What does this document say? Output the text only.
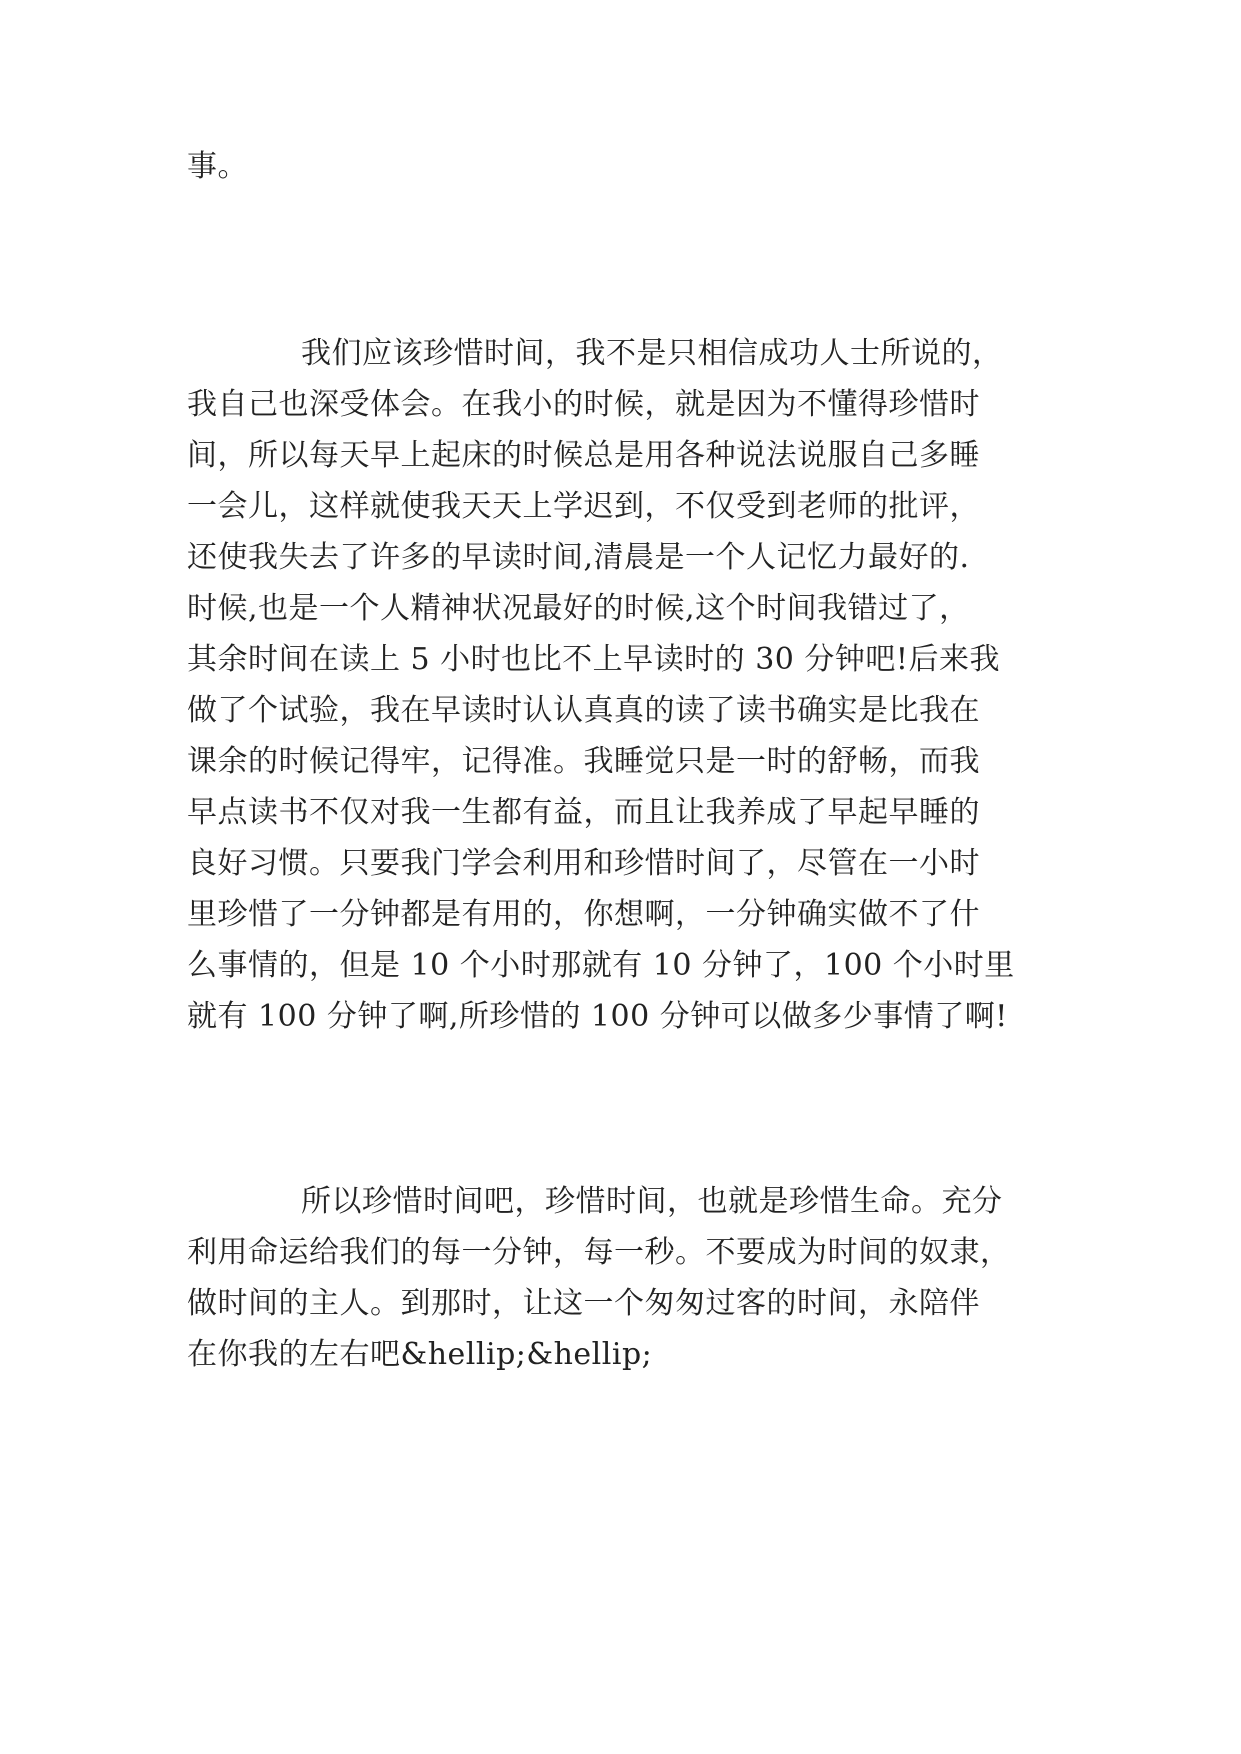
事。
我们应该珍惜时间，我不是只相信成功人士所说的，
我自己也深受体会。在我小的时候，就是因为不懂得珍惜时
间，所以每天早上起床的时候总是用各种说法说服自己多睡
一会儿，这样就使我天天上学迟到，不仅受到老师的批评，
还使我失去了许多的早读时间,清晨是一个人记忆力最好的.
时候,也是一个人精神状况最好的时候,这个时间我错过了，
其余时间在读上 5 小时也比不上早读时的 30 分钟吧!后来我
做了个试验，我在早读时认认真真的读了读书确实是比我在
课余的时候记得牢，记得准。我睡觉只是一时的舒畅，而我
早点读书不仅对我一生都有益，而且让我养成了早起早睡的
良好习惯。只要我门学会利用和珍惜时间了，尽管在一小时
里珍惜了一分钟都是有用的，你想啊，一分钟确实做不了什
么事情的，但是 10 个小时那就有 10 分钟了，100 个小时里
就有 100 分钟了啊,所珍惜的 100 分钟可以做多少事情了啊!
所以珍惜时间吧，珍惜时间，也就是珍惜生命。充分
利用命运给我们的每一分钟，每一秒。不要成为时间的奴隶，
做时间的主人。到那时，让这一个匆匆过客的时间，永陪伴
在你我的左右吧&hellip;&hellip;
